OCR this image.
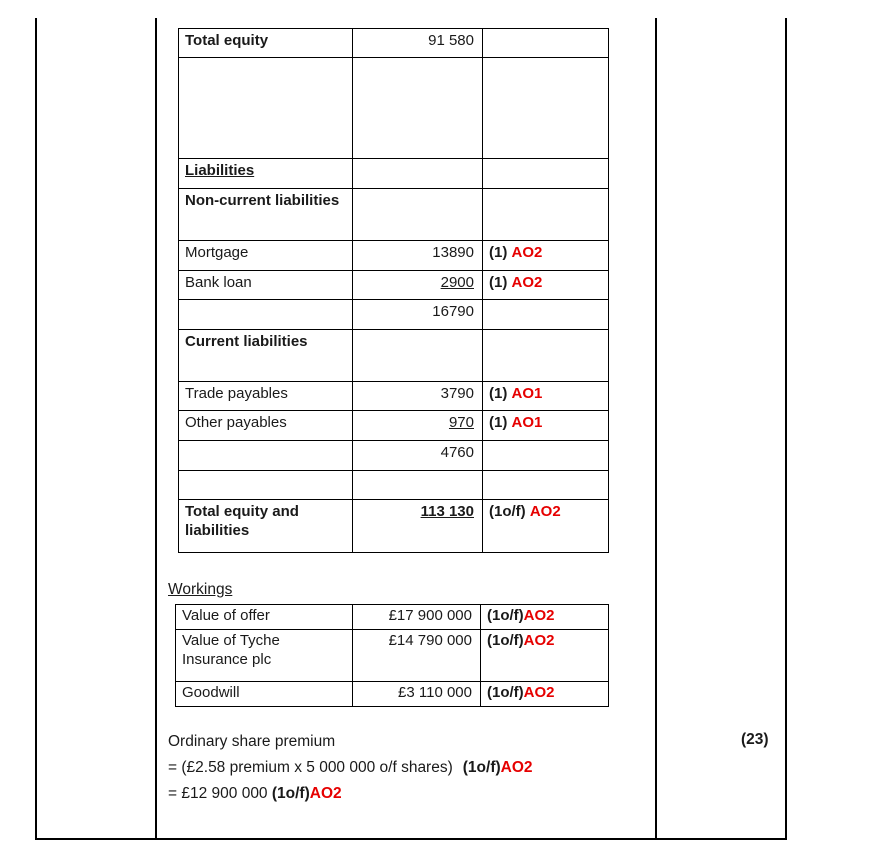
Total equity	91 580	

Liabilities		
Non-current liabilities		
Mortgage	13890	(1) AO2
Bank loan	2900	(1) AO2
	16790	
Current liabilities		
Trade payables	3790	(1) AO1
Other payables	970	(1) AO1
	4760	

Total equity and liabilities	113 130	(1o/f) AO2
Workings
Value of offer	£17 900 000	(1o/f)AO2
Value of Tyche Insurance plc	£14 790 000	(1o/f)AO2
Goodwill	£3 110 000	(1o/f)AO2
Ordinary share premium
= (£2.58 premium x 5 000 000 o/f shares) (1o/f)AO2
= £12 900 000 (1o/f)AO2
(23)
